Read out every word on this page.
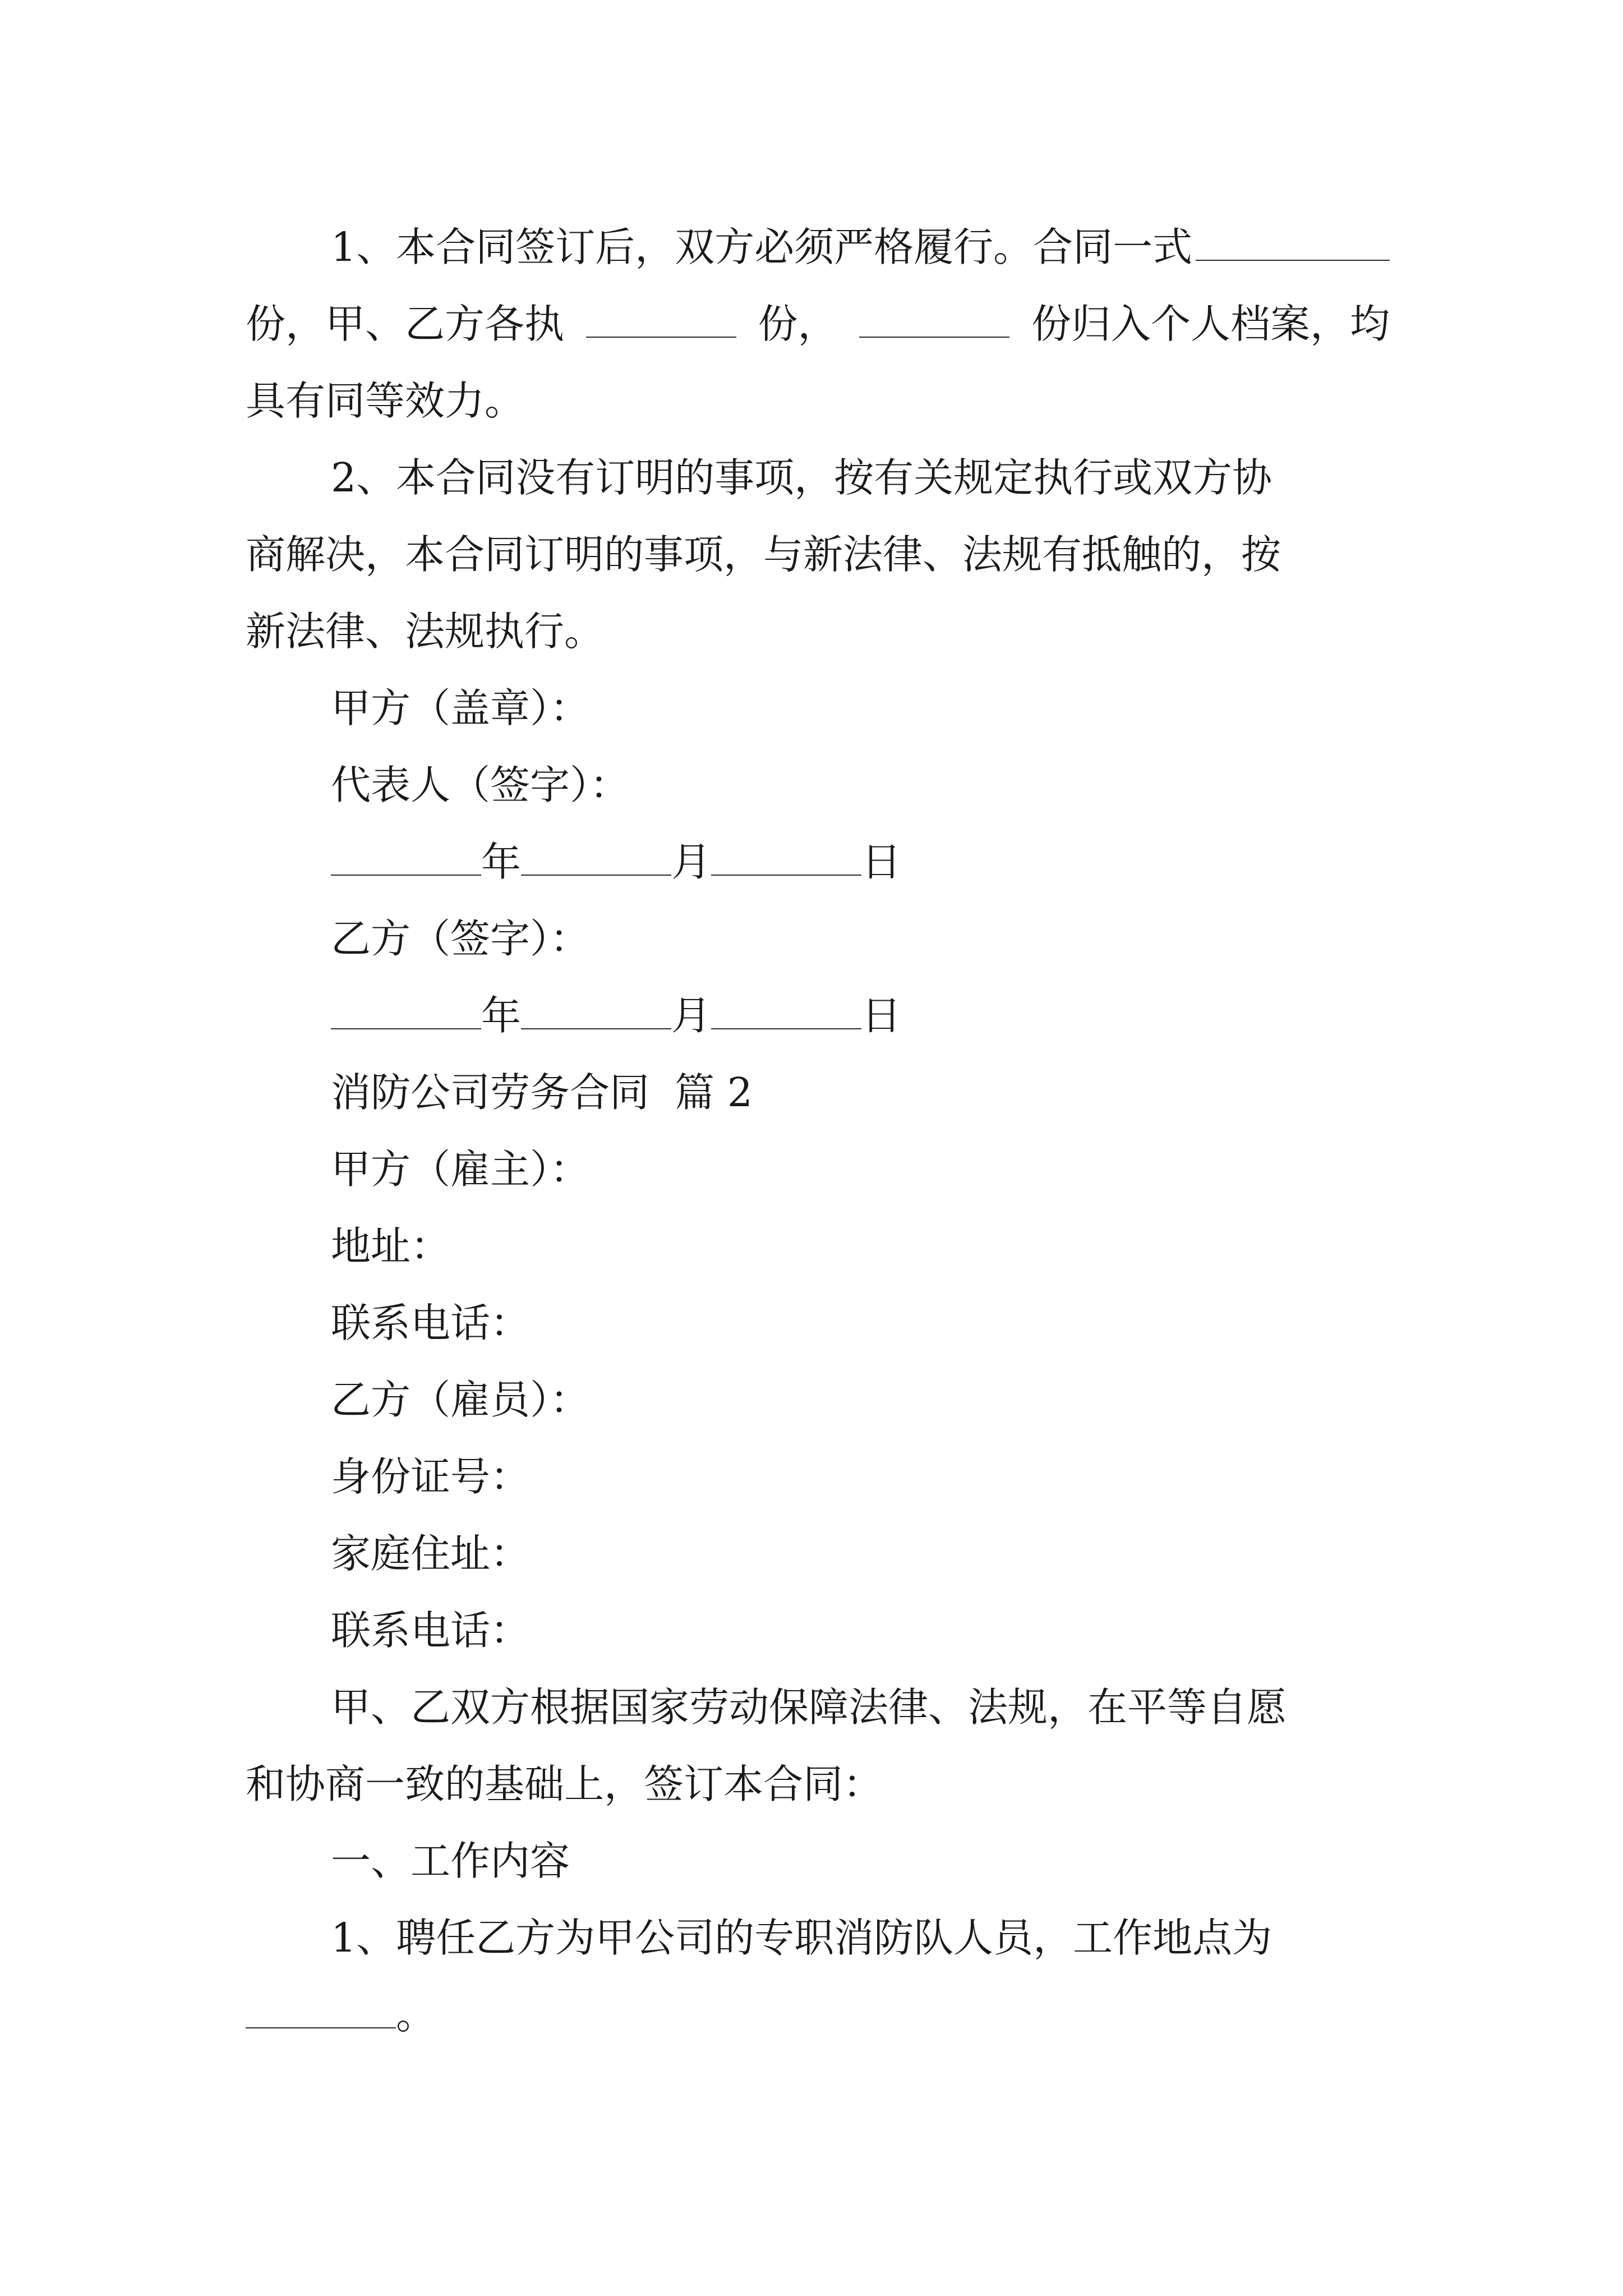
1、本合同签订后，双方必须严格履行。合同一式
份，甲、乙方各执	份，	份归入个人档案，均
具有同等效力。
2、本合同没有订明的事项，按有关规定执行或双方协
商解决，本合同订明的事项，与新法律、法规有抵触的，按
新法律、法规执行。
甲方（盖章）：
代表人（签字）：
年	月	日
乙方（签字）：
年	月	日
消防公司劳务合同  篇 2
甲方（雇主）：
地址：
联系电话：
乙方（雇员）：
身份证号：
家庭住址：
联系电话：
甲、乙双方根据国家劳动保障法律、法规，在平等自愿
和协商一致的基础上，签订本合同：
一、工作内容
1、聘任乙方为甲公司的专职消防队人员，工作地点为
。
